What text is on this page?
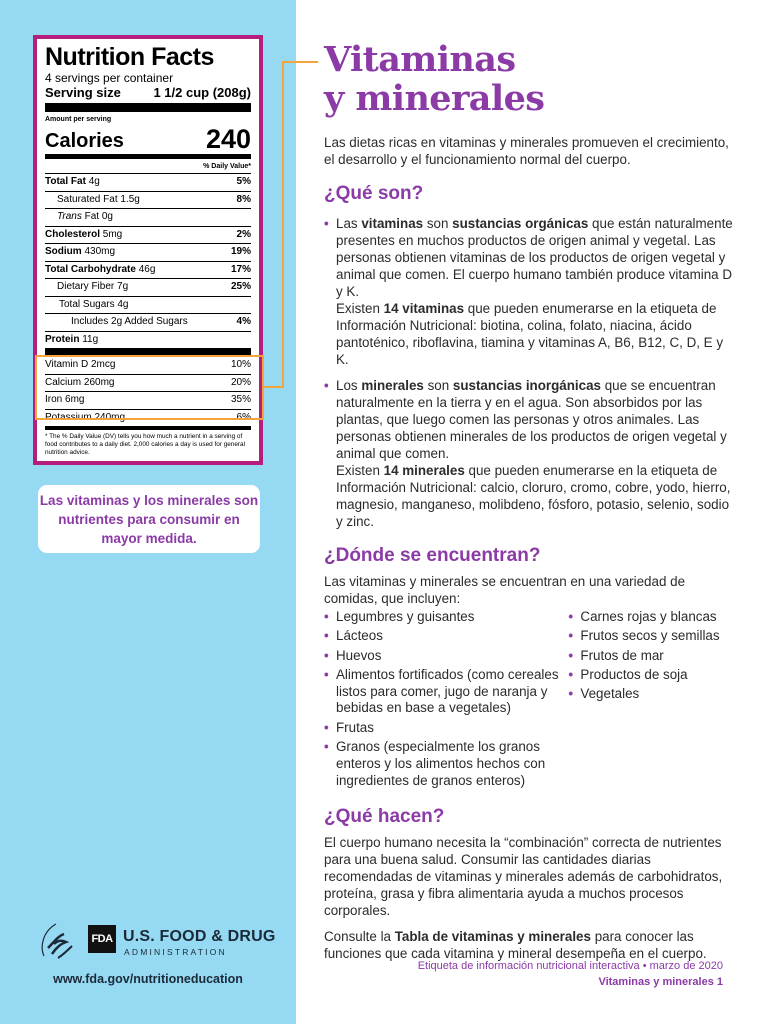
Nutrition Facts
4 servings per container
Serving size	1 1/2 cup (208g)
Amount per serving
Calories	240
% Daily Value*
Total Fat 4g	5%
Saturated Fat 1.5g	8%
Trans Fat 0g
Cholesterol 5mg	2%
Sodium 430mg	19%
Total Carbohydrate 46g	17%
Dietary Fiber 7g	25%
Total Sugars 4g
Includes 2g Added Sugars	4%
Protein 11g
Vitamin D 2mcg	10%
Calcium 260mg	20%
Iron 6mg	35%
Potassium 240mg	6%
* The % Daily Value (DV) tells you how much a nutrient in a serving of food contributes to a daily diet. 2,000 calories a day is used for general nutrition advice.
Las vitaminas y los minerales son nutrientes para consumir en mayor medida.
FDA U.S. FOOD & DRUG
ADMINISTRATION
www.fda.gov/nutritioneducation
Vitaminas
y minerales
Las dietas ricas en vitaminas y minerales promueven el crecimiento, el desarrollo y el funcionamiento normal del cuerpo.
¿Qué son?
• Las vitaminas son sustancias orgánicas que están naturalmente presentes en muchos productos de origen animal y vegetal. Las personas obtienen vitaminas de los productos de origen vegetal y animal que comen. El cuerpo humano también produce vitamina D y K.
Existen 14 vitaminas que pueden enumerarse en la etiqueta de Información Nutricional: biotina, colina, folato, niacina, ácido pantoténico, riboflavina, tiamina y vitaminas A, B6, B12, C, D, E y K.
• Los minerales son sustancias inorgánicas que se encuentran naturalmente en la tierra y en el agua. Son absorbidos por las plantas, que luego comen las personas y otros animales. Las personas obtienen minerales de los productos de origen vegetal y animal que comen.
Existen 14 minerales que pueden enumerarse en la etiqueta de Información Nutricional: calcio, cloruro, cromo, cobre, yodo, hierro, magnesio, manganeso, molibdeno, fósforo, potasio, selenio, sodio y zinc.
¿Dónde se encuentran?
Las vitaminas y minerales se encuentran en una variedad de comidas, que incluyen:
• Legumbres y guisantes
• Lácteos
• Huevos
• Alimentos fortificados (como cereales listos para comer, jugo de naranja y bebidas en base a vegetales)
• Frutas
• Granos (especialmente los granos enteros y los alimentos hechos con ingredientes de granos enteros)
• Carnes rojas y blancas
• Frutos secos y semillas
• Frutos de mar
• Productos de soja
• Vegetales
¿Qué hacen?
El cuerpo humano necesita la “combinación” correcta de nutrientes para una buena salud. Consumir las cantidades diarias recomendadas de vitaminas y minerales además de carbohidratos, proteína, grasa y fibra alimentaria ayuda a muchos procesos corporales.
Consulte la Tabla de vitaminas y minerales para conocer las funciones que cada vitamina y mineral desempeña en el cuerpo.
Etiqueta de información nutricional interactiva • marzo de 2020
Vitaminas y minerales 1
